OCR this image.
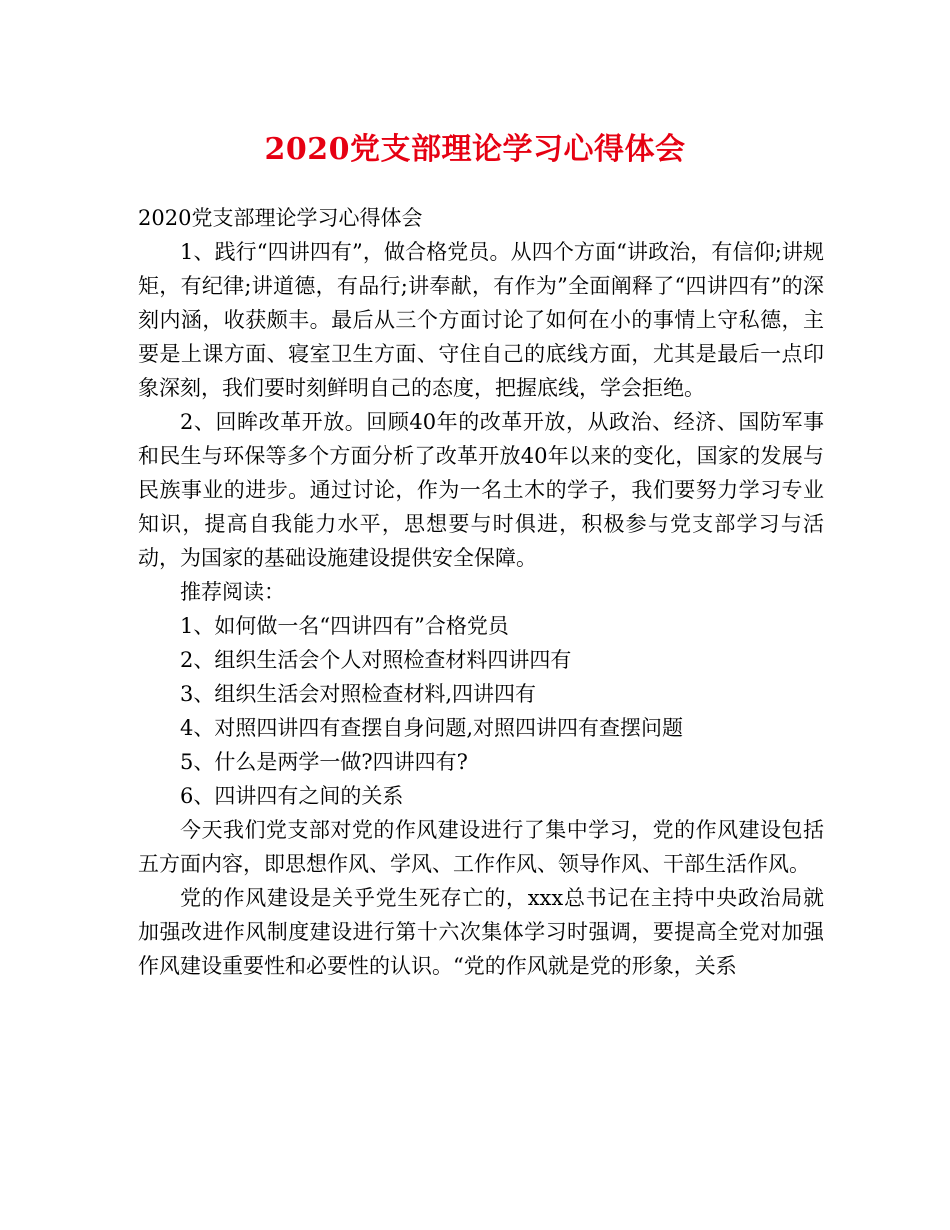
2020党支部理论学习心得体会

2020党支部理论学习心得体会

1、践行“四讲四有”，做合格党员。从四个方面“讲政治，有信仰;讲规矩，有纪律;讲道德，有品行;讲奉献，有作为”全面阐释了“四讲四有”的深刻内涵，收获颇丰。最后从三个方面讨论了如何在小的事情上守私德，主要是上课方面、寝室卫生方面、守住自己的底线方面，尤其是最后一点印象深刻，我们要时刻鲜明自己的态度，把握底线，学会拒绝。

2、回眸改革开放。回顾40年的改革开放，从政治、经济、国防军事和民生与环保等多个方面分析了改革开放40年以来的变化，国家的发展与民族事业的进步。通过讨论，作为一名土木的学子，我们要努力学习专业知识，提高自我能力水平，思想要与时俱进，积极参与党支部学习与活动，为国家的基础设施建设提供安全保障。

推荐阅读：

1、如何做一名“四讲四有”合格党员

2、组织生活会个人对照检查材料四讲四有

3、组织生活会对照检查材料,四讲四有

4、对照四讲四有查摆自身问题,对照四讲四有查摆问题

5、什么是两学一做?四讲四有?

6、四讲四有之间的关系

今天我们党支部对党的作风建设进行了集中学习，党的作风建设包括五方面内容，即思想作风、学风、工作作风、领导作风、干部生活作风。

党的作风建设是关乎党生死存亡的，xxx总书记在主持中央政治局就加强改进作风制度建设进行第十六次集体学习时强调，要提高全党对加强作风建设重要性和必要性的认识。“党的作风就是党的形象，关系
